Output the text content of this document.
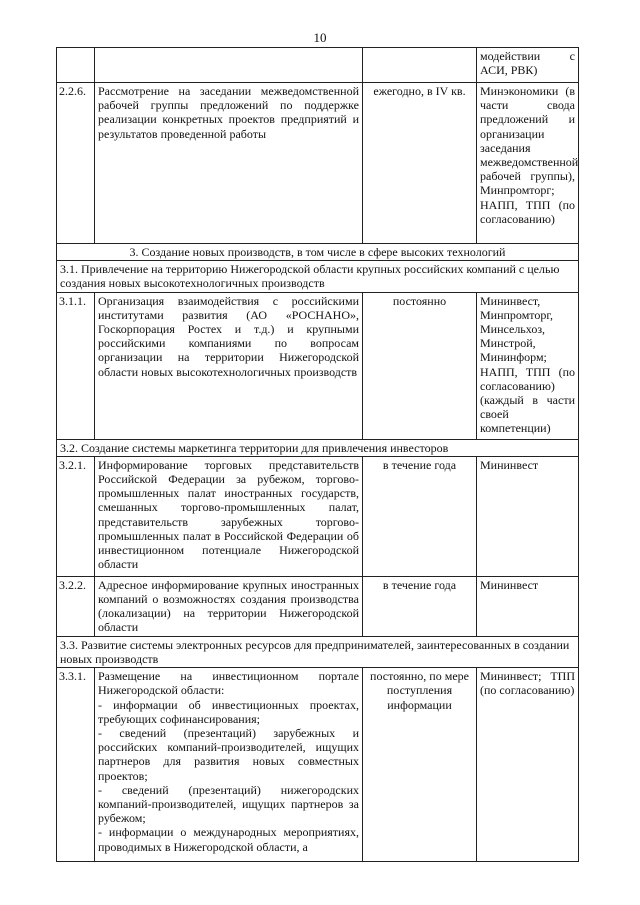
10
			модействии с АСИ, РВК)
2.2.6.	Рассмотрение на заседании межведомственной рабочей группы предложений по поддержке реализации конкретных проектов предприятий и результатов проведенной работы	ежегодно, в IV кв.	Минэкономики (в части свода предложений и организации заседания межведомственной рабочей группы), Минпромторг; НАПП, ТПП (по согласованию)
3. Создание новых производств, в том числе в сфере высоких технологий			
3.1. Привлечение на территорию Нижегородской области крупных российских компаний с целью создания новых высокотехнологичных производств			
3.1.1.	Организация взаимодействия с российскими институтами развития (АО «РОСНАНО», Госкорпорация Ростех и т.д.) и крупными российскими компаниями по вопросам организации на территории Нижегородской области новых высокотехнологичных производств	постоянно	Мининвест, Минпромторг, Минсельхоз, Минстрой, Мининформ; НАПП, ТПП (по согласованию) (каждый в части своей компетенции)
3.2. Создание системы маркетинга территории для привлечения инвесторов			
3.2.1.	Информирование торговых представительств Российской Федерации за рубежом, торгово-промышленных палат иностранных государств, смешанных торгово-промышленных палат, представительств зарубежных торгово-промышленных палат в Российской Федерации об инвестиционном потенциале Нижегородской области	в течение года	Мининвест
3.2.2.	Адресное информирование крупных иностранных компаний о возможностях создания производства (локализации) на территории Нижегородской области	в течение года	Мининвест
3.3. Развитие системы электронных ресурсов для предпринимателей, заинтересованных в создании новых производств			
3.3.1.	Размещение на инвестиционном портале Нижегородской области:
- информации об инвестиционных проектах, требующих софинансирования;
- сведений (презентаций) зарубежных и российских компаний-производителей, ищущих партнеров для развития новых совместных проектов;
- сведений (презентаций) нижегородских компаний-производителей, ищущих партнеров за рубежом;
- информации о международных мероприятиях, проводимых в Нижегородской области, а	постоянно, по мере поступления информации	Мининвест; ТПП (по согласованию)
